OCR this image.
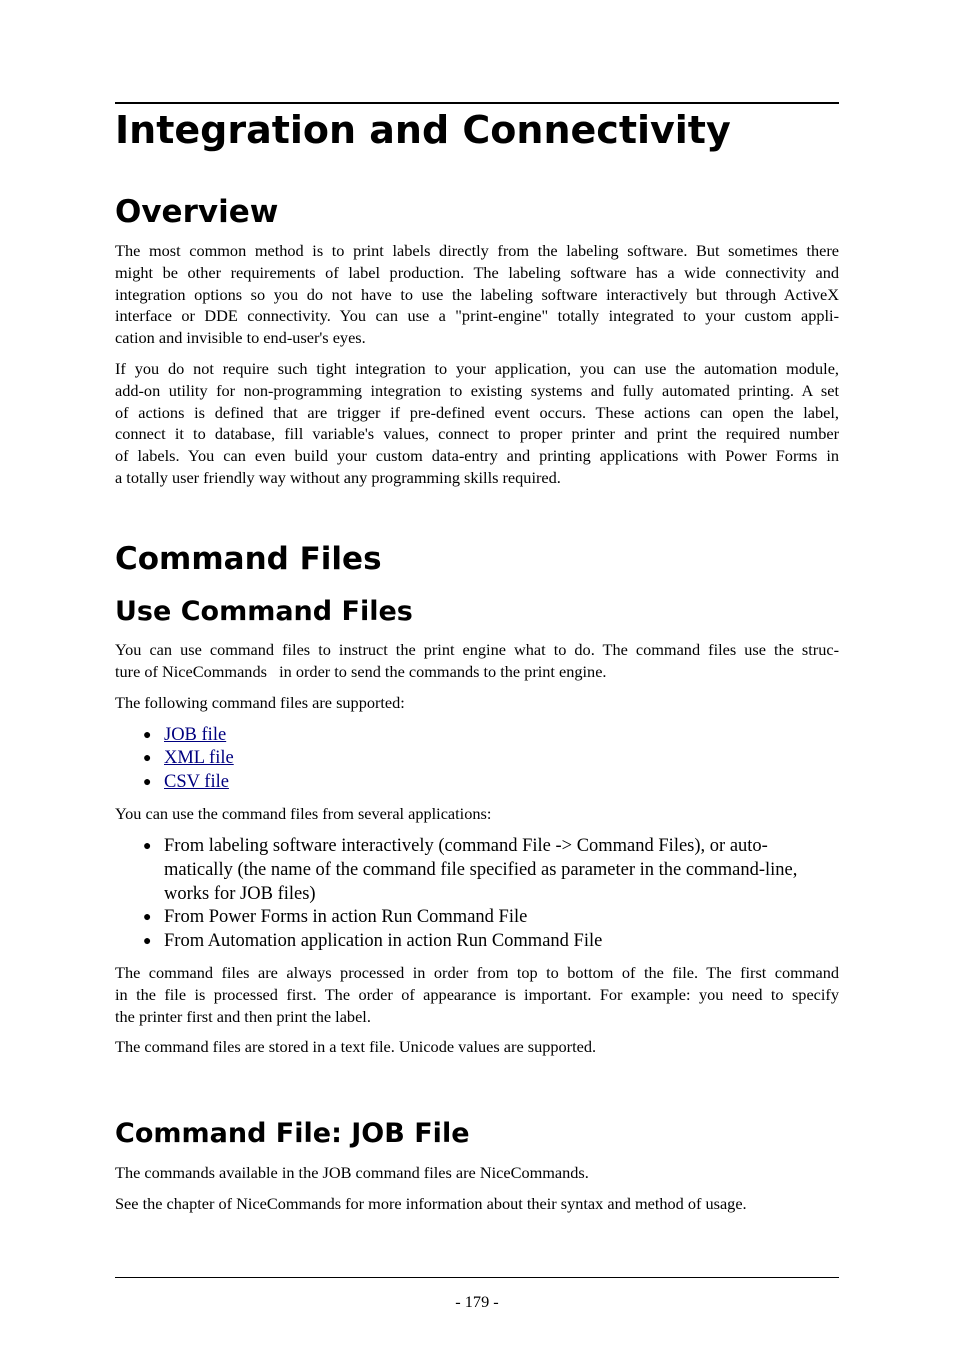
Integration and Connectivity
Overview

The most common method is to print labels directly from the labeling software. But sometimes there
might be other requirements of label production. The labeling software has a wide connectivity and
integration options so you do not have to use the labeling software interactively but through ActiveX
interface or DDE connectivity. You can use a "print-engine" totally integrated to your custom appli-
cation and invisible to end-user's eyes.

If you do not require such tight integration to your application, you can use the automation module,
add-on utility for non-programming integration to existing systems and fully automated printing. A set
of actions is defined that are trigger if pre-defined event occurs. These actions can open the label,
connect it to database, fill variable's values, connect to proper printer and print the required number
of labels. You can even build your custom data-entry and printing applications with Power Forms in
a totally user friendly way without any programming skills required.

Command Files
Use Command Files

You can use command files to instruct the print engine what to do. The command files use the struc-
ture of NiceCommands   in order to send the commands to the print engine.

The following command files are supported:

● JOB file
● XML file
● CSV file

You can use the command files from several applications:

● From labeling software interactively (command File -> Command Files), or auto-
matically (the name of the command file specified as parameter in the command-line,
works for JOB files)
● From Power Forms in action Run Command File
● From Automation application in action Run Command File

The command files are always processed in order from top to bottom of the file. The first command
in the file is processed first. The order of appearance is important. For example: you need to specify
the printer first and then print the label.

The command files are stored in a text file. Unicode values are supported.

Command File: JOB File

The commands available in the JOB command files are NiceCommands.

See the chapter of NiceCommands for more information about their syntax and method of usage.

- 179 -
